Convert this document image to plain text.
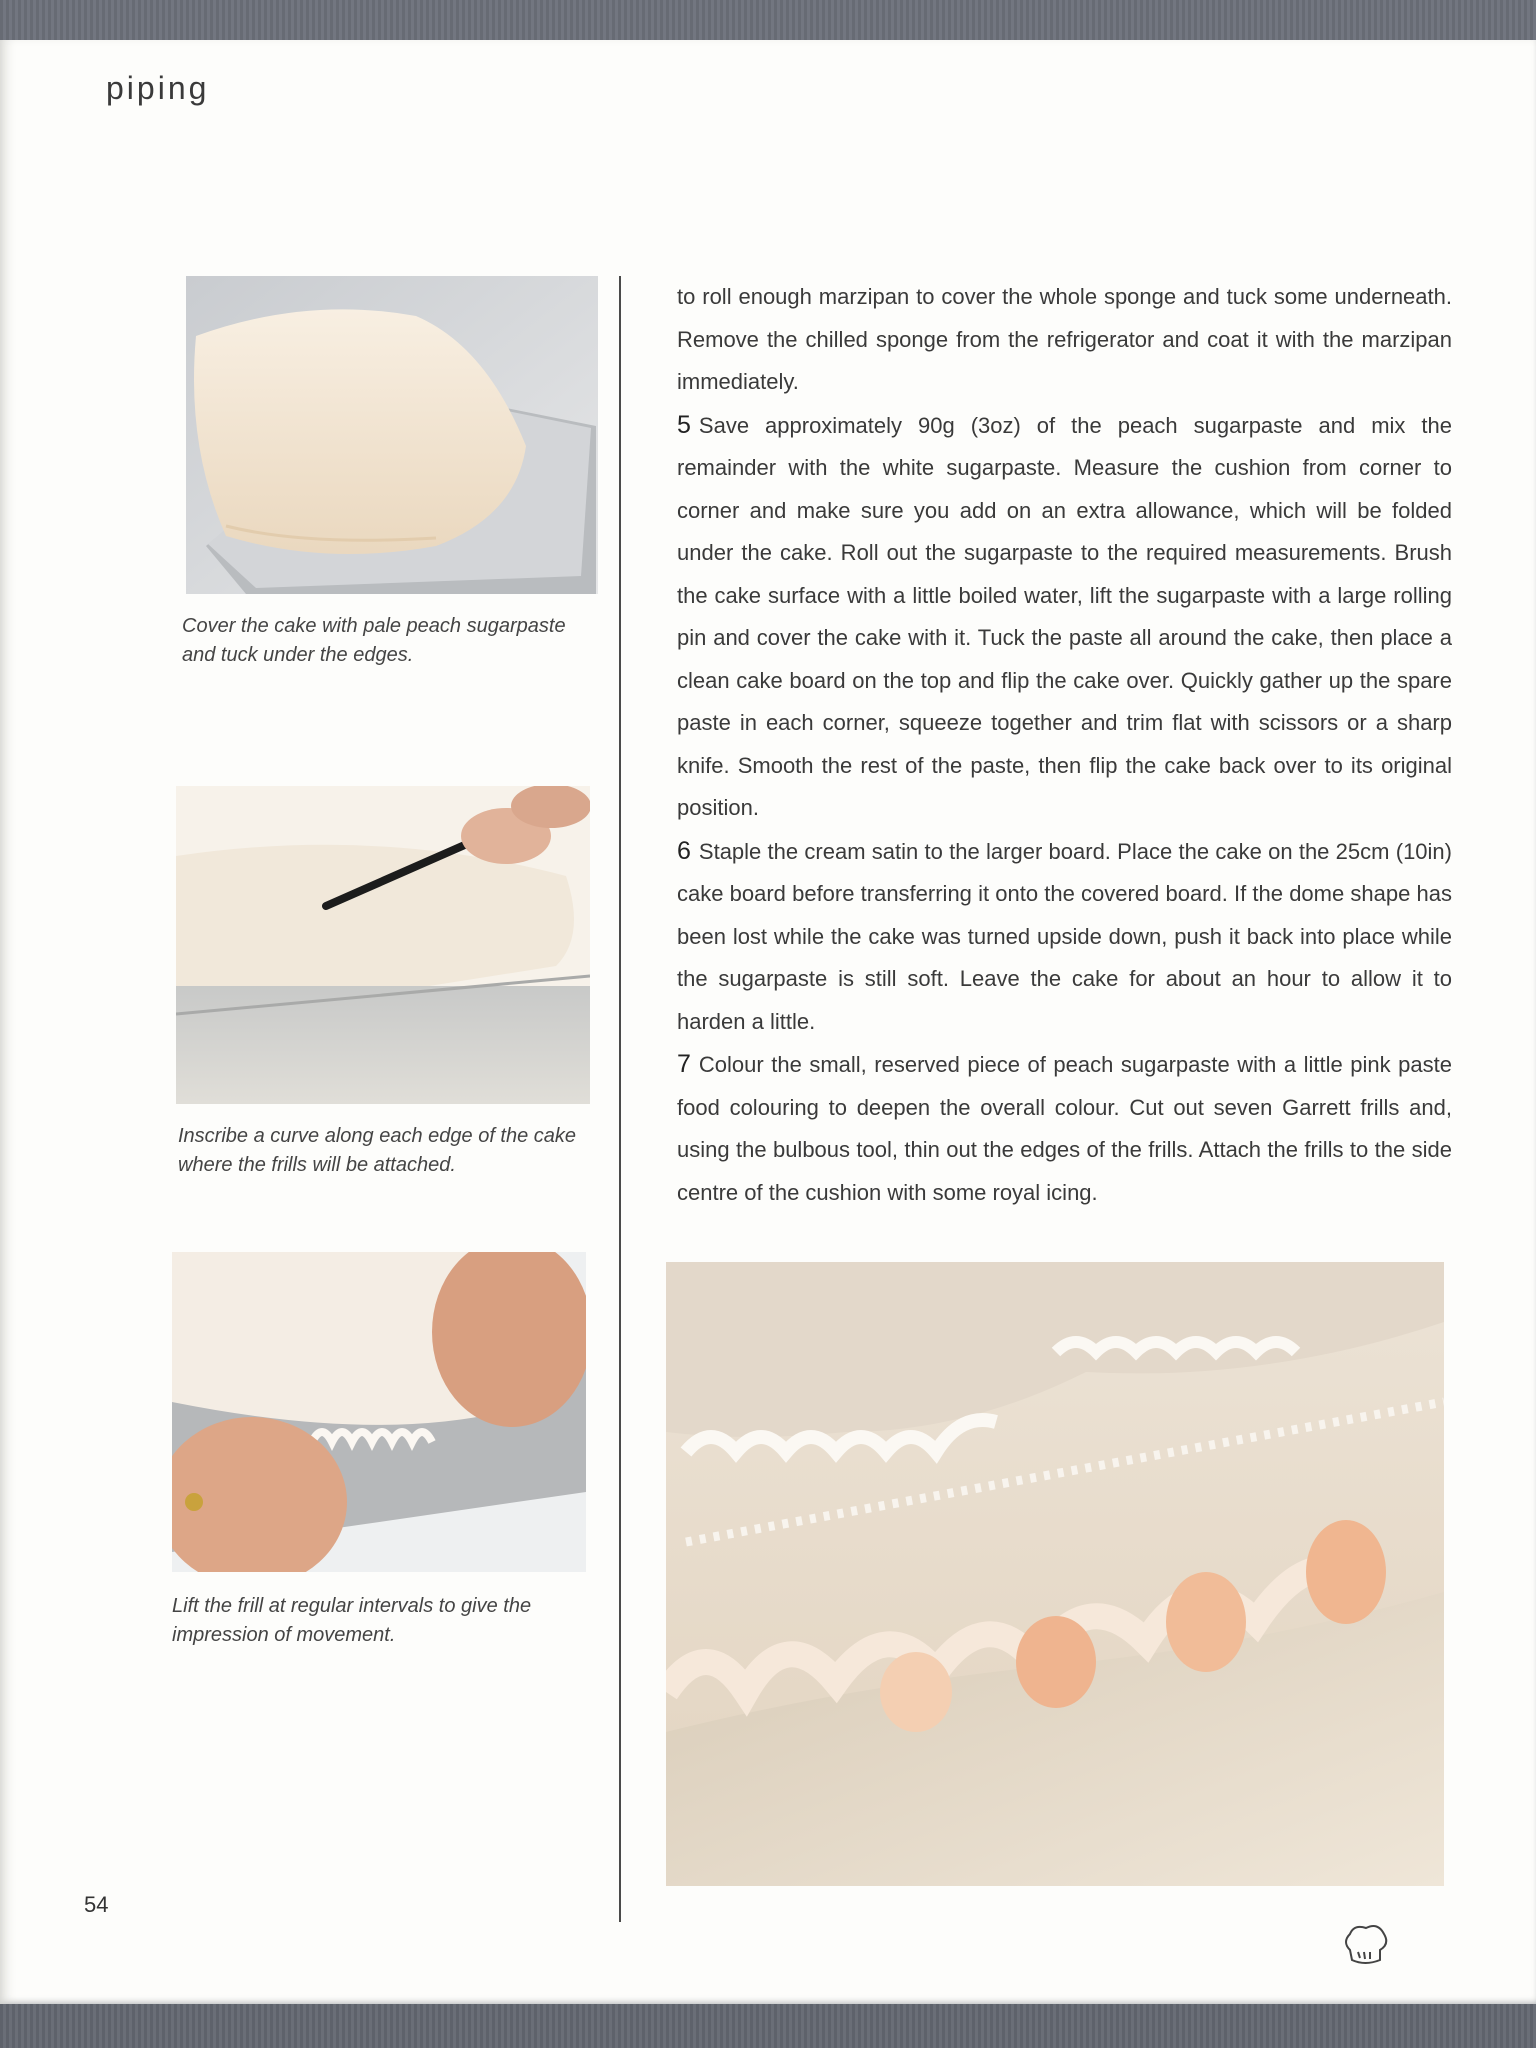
piping
Cover the cake with pale peach sugarpaste and tuck under the edges.
Inscribe a curve along each edge of the cake where the frills will be attached.
Lift the frill at regular intervals to give the impression of movement.

to roll enough marzipan to cover the whole sponge and tuck some underneath. Remove the chilled sponge from the refrigerator and coat it with the marzipan immediately.

5 Save approximately 90g (3oz) of the peach sugarpaste and mix the remainder with the white sugarpaste. Measure the cushion from corner to corner and make sure you add on an extra allowance, which will be folded under the cake. Roll out the sugarpaste to the required measurements. Brush the cake surface with a little boiled water, lift the sugarpaste with a large rolling pin and cover the cake with it. Tuck the paste all around the cake, then place a clean cake board on the top and flip the cake over. Quickly gather up the spare paste in each corner, squeeze together and trim flat with scissors or a sharp knife. Smooth the rest of the paste, then flip the cake back over to its original position.

6 Staple the cream satin to the larger board. Place the cake on the 25cm (10in) cake board before transferring it onto the covered board. If the dome shape has been lost while the cake was turned upside down, push it back into place while the sugarpaste is still soft. Leave the cake for about an hour to allow it to harden a little.

7 Colour the small, reserved piece of peach sugarpaste with a little pink paste food colouring to deepen the overall colour. Cut out seven Garrett frills and, using the bulbous tool, thin out the edges of the frills. Attach the frills to the side centre of the cushion with some royal icing.

54
